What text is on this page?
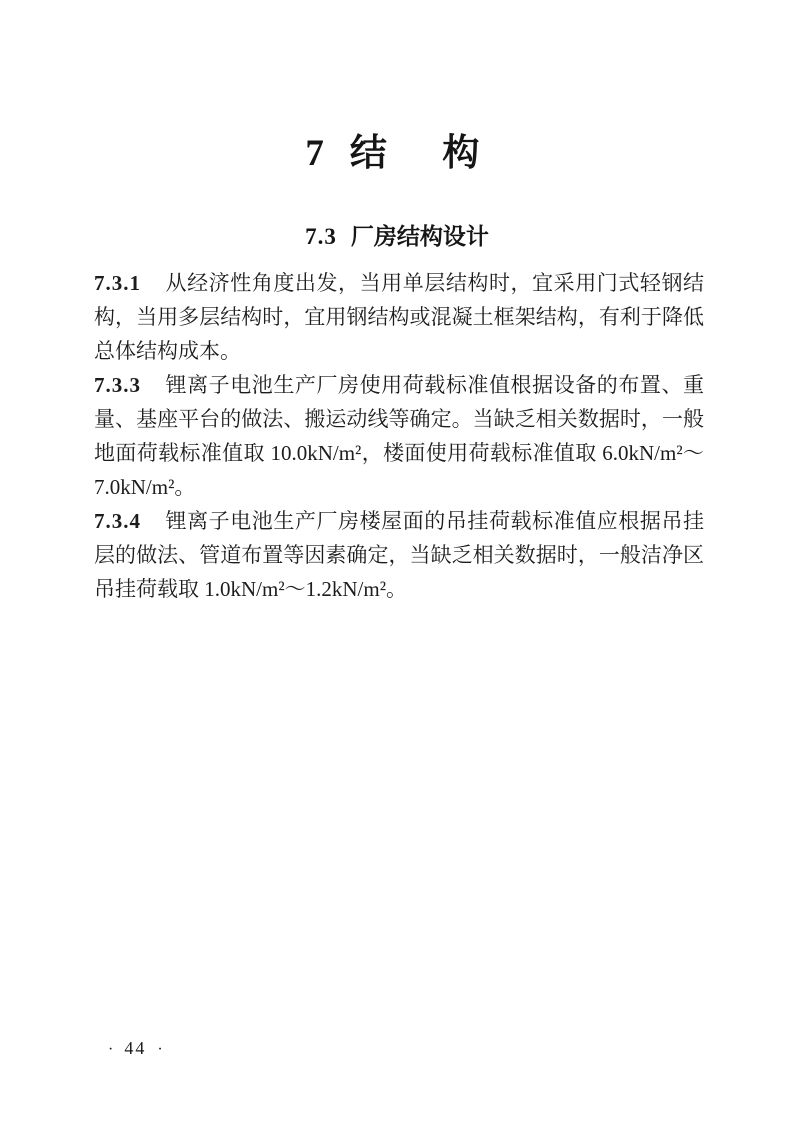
7 结　构
7.3 厂房结构设计

7.3.1 从经济性角度出发，当用单层结构时，宜采用门式轻钢结构，当用多层结构时，宜用钢结构或混凝土框架结构，有利于降低总体结构成本。

7.3.3 锂离子电池生产厂房使用荷载标准值根据设备的布置、重量、基座平台的做法、搬运动线等确定。当缺乏相关数据时，一般地面荷载标准值取 10.0kN/m²，楼面使用荷载标准值取 6.0kN/m²～7.0kN/m²。

7.3.4 锂离子电池生产厂房楼屋面的吊挂荷载标准值应根据吊挂层的做法、管道布置等因素确定，当缺乏相关数据时，一般洁净区吊挂荷载取 1.0kN/m²～1.2kN/m²。

· 44 ·
